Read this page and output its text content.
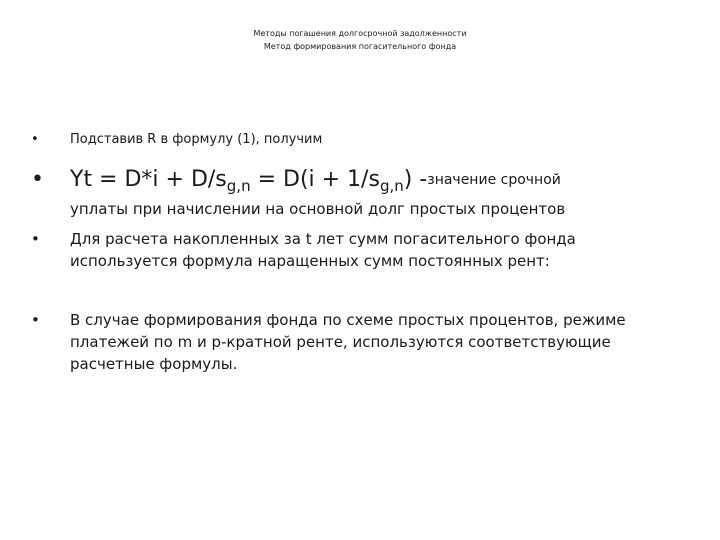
Методы погашения долгосрочной задолженности
Метод формирования погасительного фонда
• Подставив R в формулу (1), получим
• $Yt = D*i + D/s_{g,n} = D(i + 1/s_{g,n})$ -значение срочной
уплаты при начислении на основной долг простых процентов
• Для расчета накопленных за t лет сумм погасительного фонда используется формула наращенных сумм постоянных рент:
• В случае формирования фонда по схеме простых процентов, режиме платежей по m и p-кратной ренте, используются соответствующие расчетные формулы.
